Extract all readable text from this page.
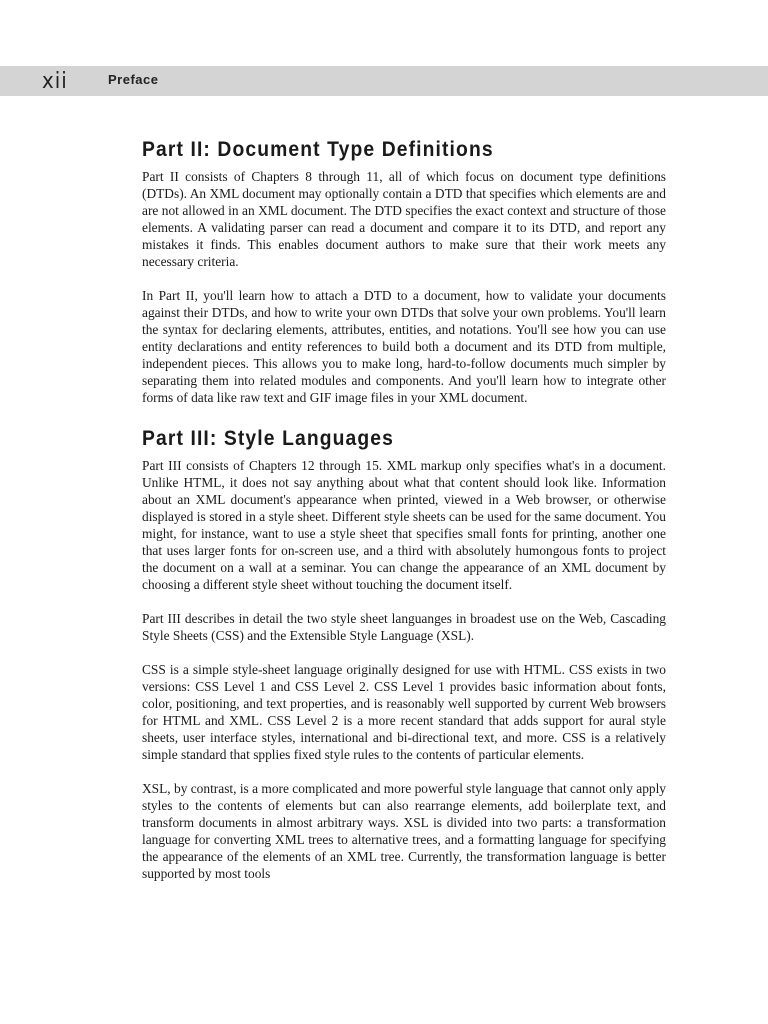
xii	Preface
Part II: Document Type Definitions

Part II consists of Chapters 8 through 11, all of which focus on document type definitions (DTDs). An XML document may optionally contain a DTD that specifies which elements are and are not allowed in an XML document. The DTD specifies the exact context and structure of those elements. A validating parser can read a document and compare it to its DTD, and report any mistakes it finds. This enables document authors to make sure that their work meets any necessary criteria.

In Part II, you'll learn how to attach a DTD to a document, how to validate your documents against their DTDs, and how to write your own DTDs that solve your own problems. You'll learn the syntax for declaring elements, attributes, entities, and notations. You'll see how you can use entity declarations and entity references to build both a document and its DTD from multiple, independent pieces. This allows you to make long, hard-to-follow documents much simpler by separating them into related modules and components. And you'll learn how to integrate other forms of data like raw text and GIF image files in your XML document.

Part III: Style Languages

Part III consists of Chapters 12 through 15. XML markup only specifies what's in a document. Unlike HTML, it does not say anything about what that content should look like. Information about an XML document's appearance when printed, viewed in a Web browser, or otherwise displayed is stored in a style sheet. Different style sheets can be used for the same document. You might, for instance, want to use a style sheet that specifies small fonts for printing, another one that uses larger fonts for on-screen use, and a third with absolutely humongous fonts to project the document on a wall at a seminar. You can change the appearance of an XML document by choosing a different style sheet without touching the document itself.

Part III describes in detail the two style sheet languanges in broadest use on the Web, Cascading Style Sheets (CSS) and the Extensible Style Language (XSL).

CSS is a simple style-sheet language originally designed for use with HTML. CSS exists in two versions: CSS Level 1 and CSS Level 2. CSS Level 1 provides basic information about fonts, color, positioning, and text properties, and is reasonably well supported by current Web browsers for HTML and XML. CSS Level 2 is a more recent standard that adds support for aural style sheets, user interface styles, international and bi-directional text, and more. CSS is a relatively simple standard that spplies fixed style rules to the contents of particular elements.

XSL, by contrast, is a more complicated and more powerful style language that cannot only apply styles to the contents of elements but can also rearrange elements, add boilerplate text, and transform documents in almost arbitrary ways. XSL is divided into two parts: a transformation language for converting XML trees to alternative trees, and a formatting language for specifying the appearance of the elements of an XML tree. Currently, the transformation language is better supported by most tools
